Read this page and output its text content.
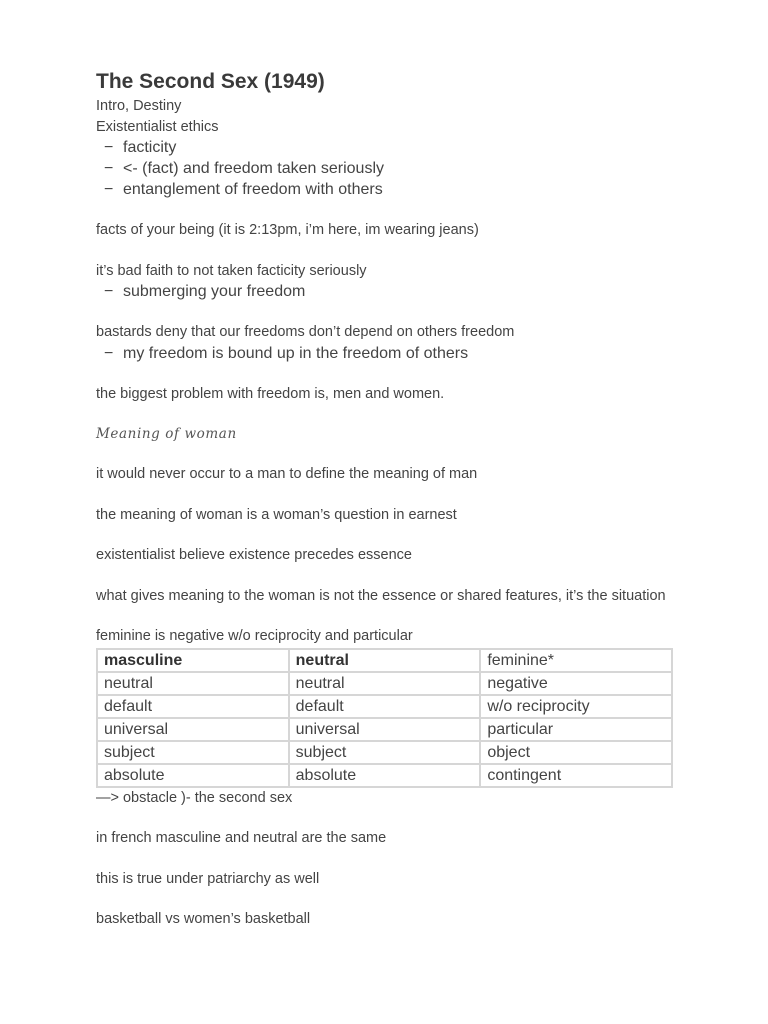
The Second Sex (1949)
Intro, Destiny
Existentialist ethics
− facticity
− <- (fact) and freedom taken seriously
− entanglement of freedom with others
facts of your being (it is 2:13pm, i’m here, im wearing jeans)
it’s bad faith to not taken facticity seriously
− submerging your freedom
bastards deny that our freedoms don’t depend on others freedom
− my freedom is bound up in the freedom of others
the biggest problem with freedom is, men and women.
Meaning of woman
it would never occur to a man to define the meaning of man
the meaning of woman is a woman’s question in earnest
existentialist believe existence precedes essence
what gives meaning to the woman is not the essence or shared features, it’s the situation
feminine is negative w/o reciprocity and particular
masculine	neutral	feminine*
neutral	neutral	negative
default	default	w/o reciprocity
universal	universal	particular
subject	subject	object
absolute	absolute	contingent
—> obstacle )- the second sex
in french masculine and neutral are the same
this is true under patriarchy as well
basketball vs women’s basketball
